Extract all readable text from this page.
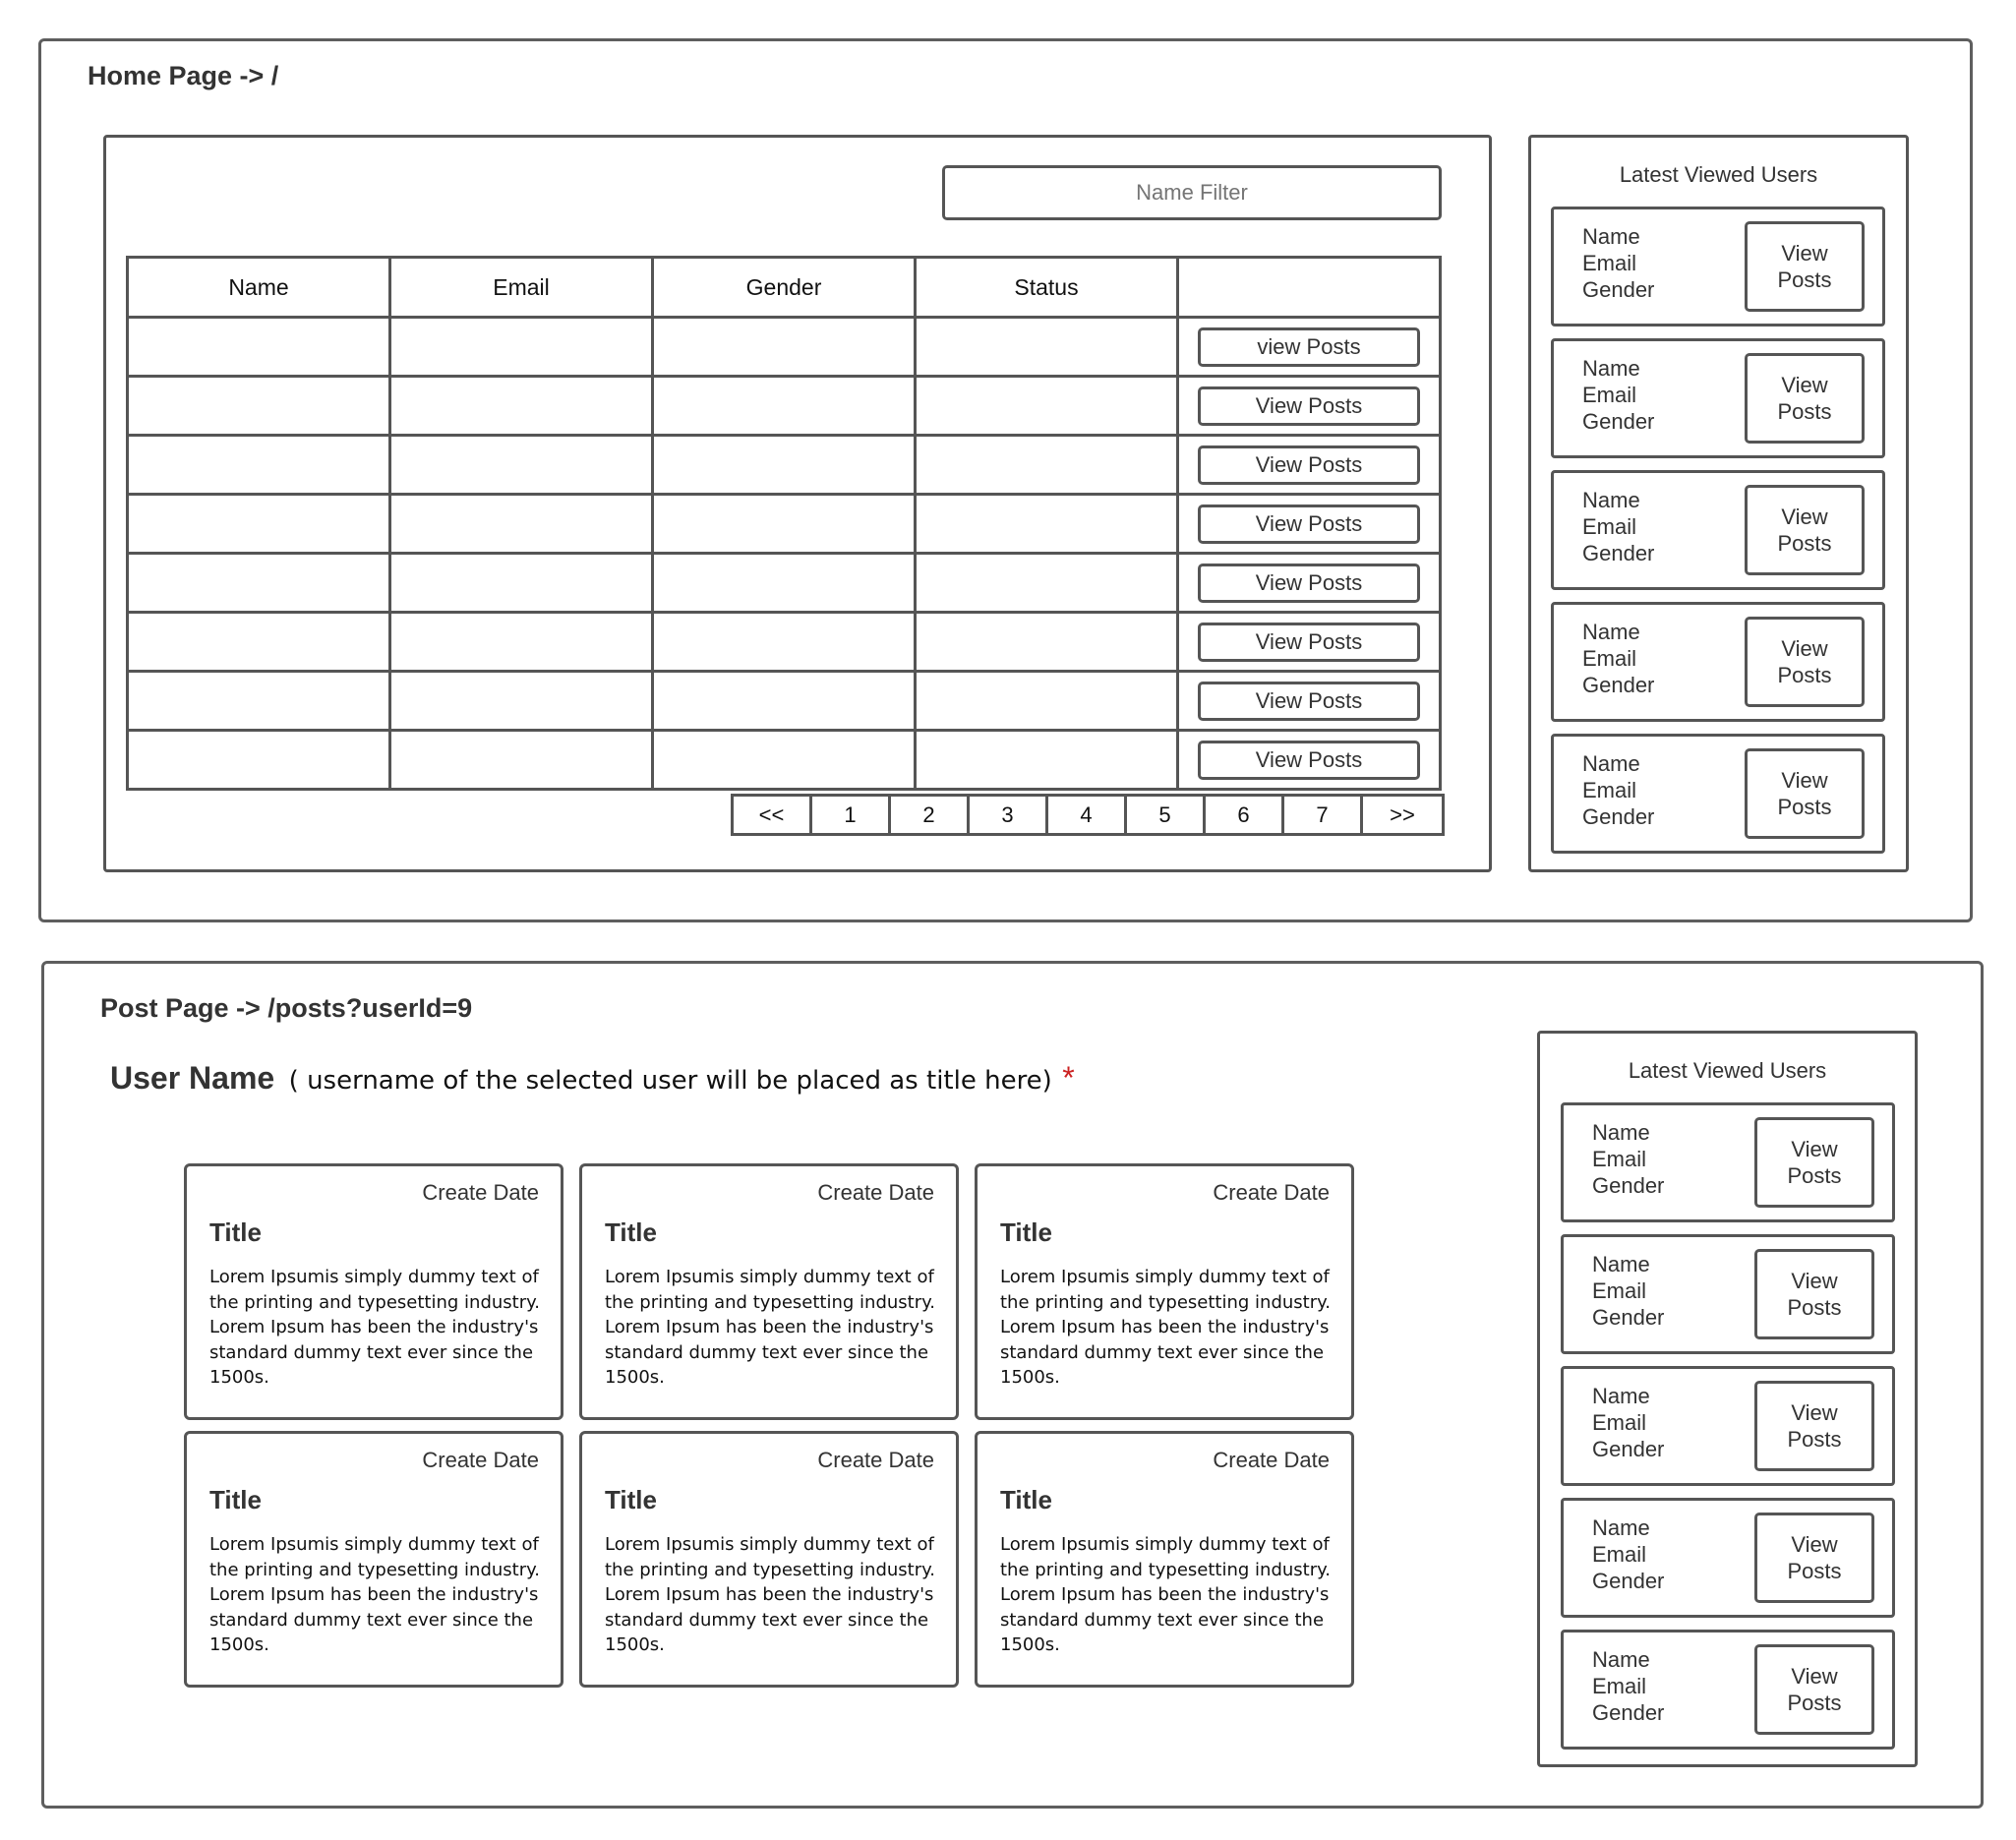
Home Page -> /
Name Filter
Name	Email	Gender	Status	

				view Posts

				View Posts

				View Posts

				View Posts

				View Posts

				View Posts

				View Posts

				View Posts
<<	1	2	3	4	5	6	7	>>
Latest Viewed Users
Name
Email
Gender
View
Posts
Name
Email
Gender
View
Posts
Name
Email
Gender
View
Posts
Name
Email
Gender
View
Posts
Name
Email
Gender
View
Posts
Post Page -> /posts?userId=9
User Name ( username of the selected user will be placed as title here) *
Create Date
Title
Lorem Ipsumis simply dummy text of the printing and typesetting industry. Lorem Ipsum has been the industry's standard dummy text ever since the 1500s.
Create Date
Title
Lorem Ipsumis simply dummy text of the printing and typesetting industry. Lorem Ipsum has been the industry's standard dummy text ever since the 1500s.
Create Date
Title
Lorem Ipsumis simply dummy text of the printing and typesetting industry. Lorem Ipsum has been the industry's standard dummy text ever since the 1500s.
Create Date
Title
Lorem Ipsumis simply dummy text of the printing and typesetting industry. Lorem Ipsum has been the industry's standard dummy text ever since the 1500s.
Create Date
Title
Lorem Ipsumis simply dummy text of the printing and typesetting industry. Lorem Ipsum has been the industry's standard dummy text ever since the 1500s.
Create Date
Title
Lorem Ipsumis simply dummy text of the printing and typesetting industry. Lorem Ipsum has been the industry's standard dummy text ever since the 1500s.
Latest Viewed Users
Name
Email
Gender
View
Posts
Name
Email
Gender
View
Posts
Name
Email
Gender
View
Posts
Name
Email
Gender
View
Posts
Name
Email
Gender
View
Posts
